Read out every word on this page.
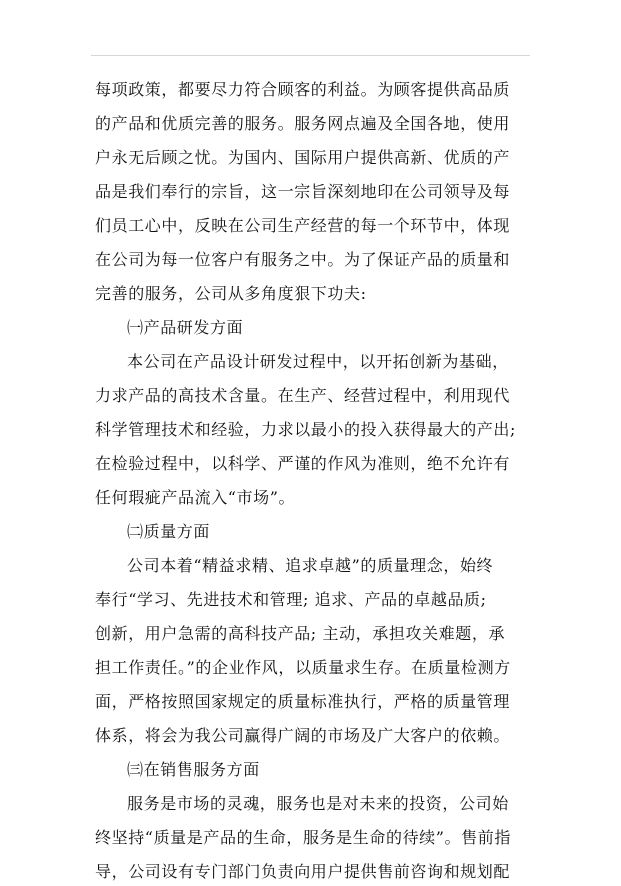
每项政策，都要尽力符合顾客的利益。为顾客提供高品质
的产品和优质完善的服务。服务网点遍及全国各地，使用
户永无后顾之忧。为国内、国际用户提供高新、优质的产
品是我们奉行的宗旨，这一宗旨深刻地印在公司领导及每
们员工心中，反映在公司生产经营的每一个环节中，体现
在公司为每一位客户有服务之中。为了保证产品的质量和
完善的服务，公司从多角度狠下功夫:
㈠产品研发方面
本公司在产品设计研发过程中，以开拓创新为基础，
力求产品的高技术含量。在生产、经营过程中，利用现代
科学管理技术和经验，力求以最小的投入获得最大的产出;
在检验过程中，以科学、严谨的作风为准则，绝不允许有
任何瑕疵产品流入“市场”。
㈡质量方面
公司本着“精益求精、追求卓越”的质量理念，始终
奉行“学习、先进技术和管理; 追求、产品的卓越品质;
创新，用户急需的高科技产品; 主动，承担攻关难题，承
担工作责任。”的企业作风，以质量求生存。在质量检测方
面，严格按照国家规定的质量标准执行，严格的质量管理
体系，将会为我公司赢得广阔的市场及广大客户的依赖。
㈢在销售服务方面
服务是市场的灵魂，服务也是对未来的投资，公司始
终坚持“质量是产品的生命，服务是生命的待续”。售前指
导，公司设有专门部门负责向用户提供售前咨询和规划配
